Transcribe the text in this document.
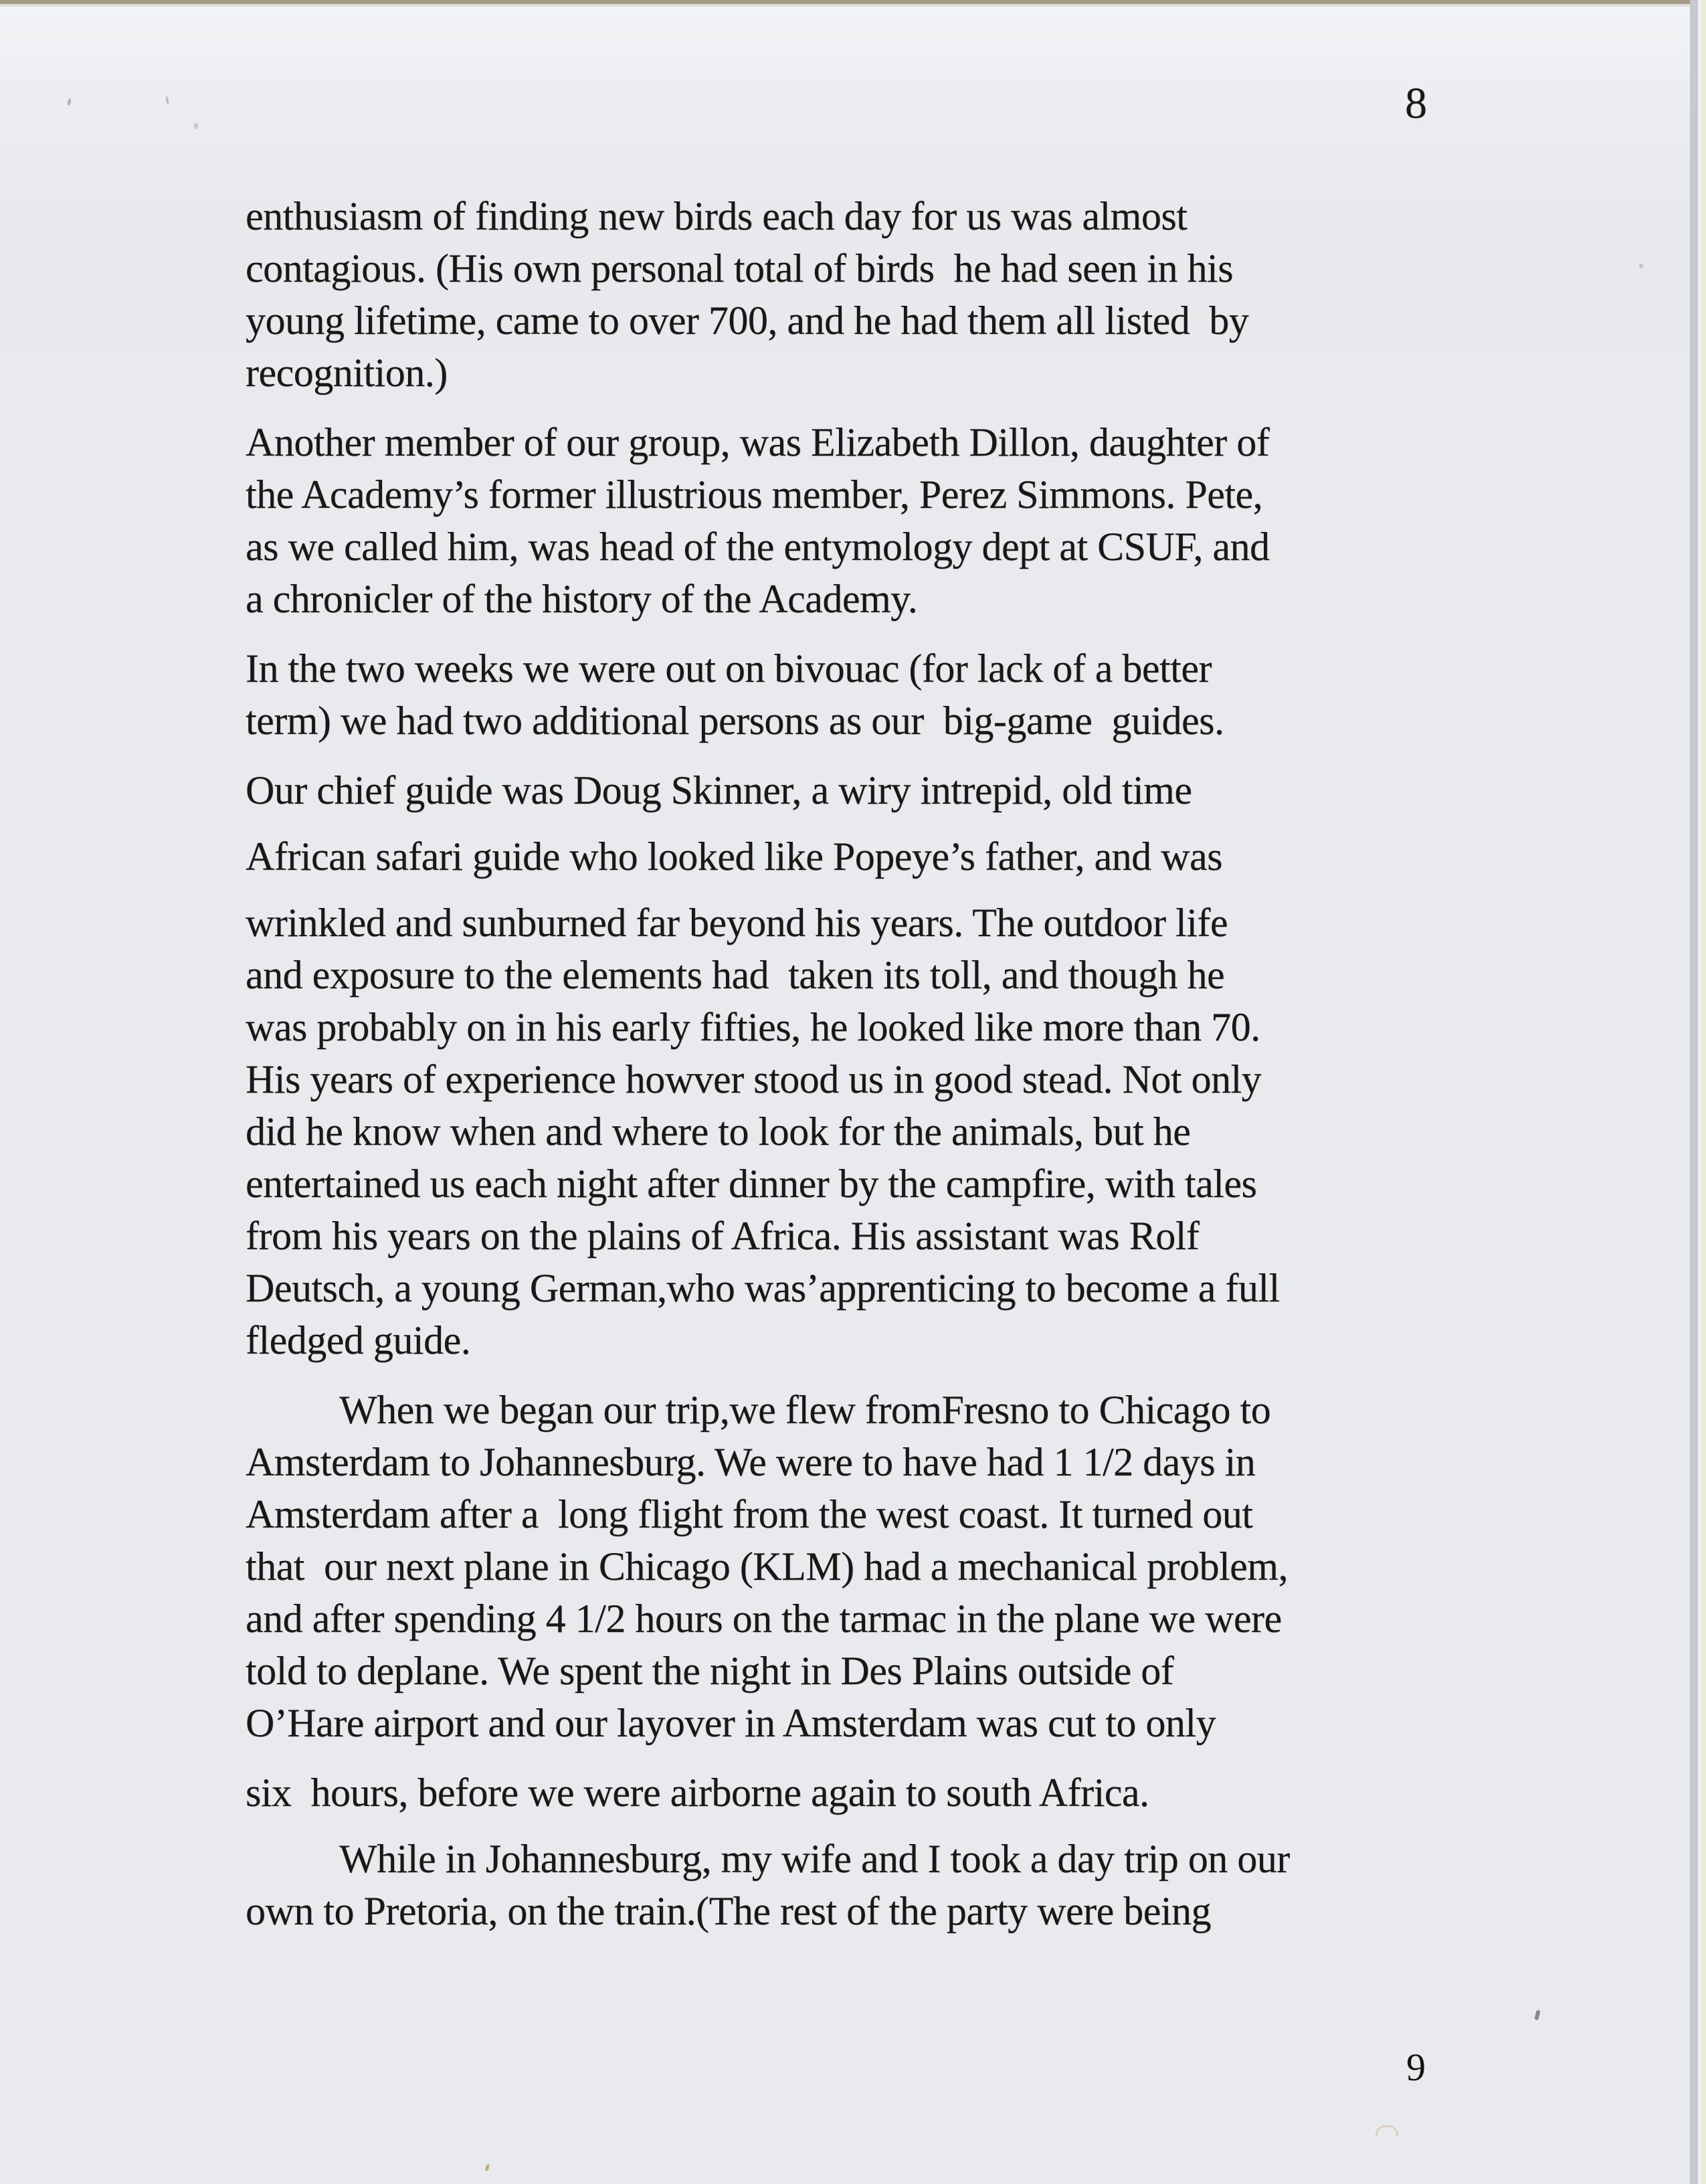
8
enthusiasm of finding new birds each day for us was almost
contagious. (His own personal total of birds  he had seen in his
young lifetime, came to over 700, and he had them all listed  by
recognition.)
Another member of our group, was Elizabeth Dillon, daughter of
the Academy’s former illustrious member, Perez Simmons. Pete,
as we called him, was head of the entymology dept at CSUF, and
a chronicler of the history of the Academy.
In the two weeks we were out on bivouac (for lack of a better
term) we had two additional persons as our  big-game  guides.
Our chief guide was Doug Skinner, a wiry intrepid, old time
African safari guide who looked like Popeye’s father, and was
wrinkled and sunburned far beyond his years. The outdoor life
and exposure to the elements had  taken its toll, and though he
was probably on in his early fifties, he looked like more than 70.
His years of experience howver stood us in good stead. Not only
did he know when and where to look for the animals, but he
entertained us each night after dinner by the campfire, with tales
from his years on the plains of Africa. His assistant was Rolf
Deutsch, a young German,who was’apprenticing to become a full
fledged guide.
When we began our trip,we flew fromFresno to Chicago to
Amsterdam to Johannesburg. We were to have had 1 1/2 days in
Amsterdam after a  long flight from the west coast. It turned out
that  our next plane in Chicago (KLM) had a mechanical problem,
and after spending 4 1/2 hours on the tarmac in the plane we were
told to deplane. We spent the night in Des Plains outside of
O’Hare airport and our layover in Amsterdam was cut to only
six  hours, before we were airborne again to south Africa.
While in Johannesburg, my wife and I took a day trip on our
own to Pretoria, on the train.(The rest of the party were being
9
